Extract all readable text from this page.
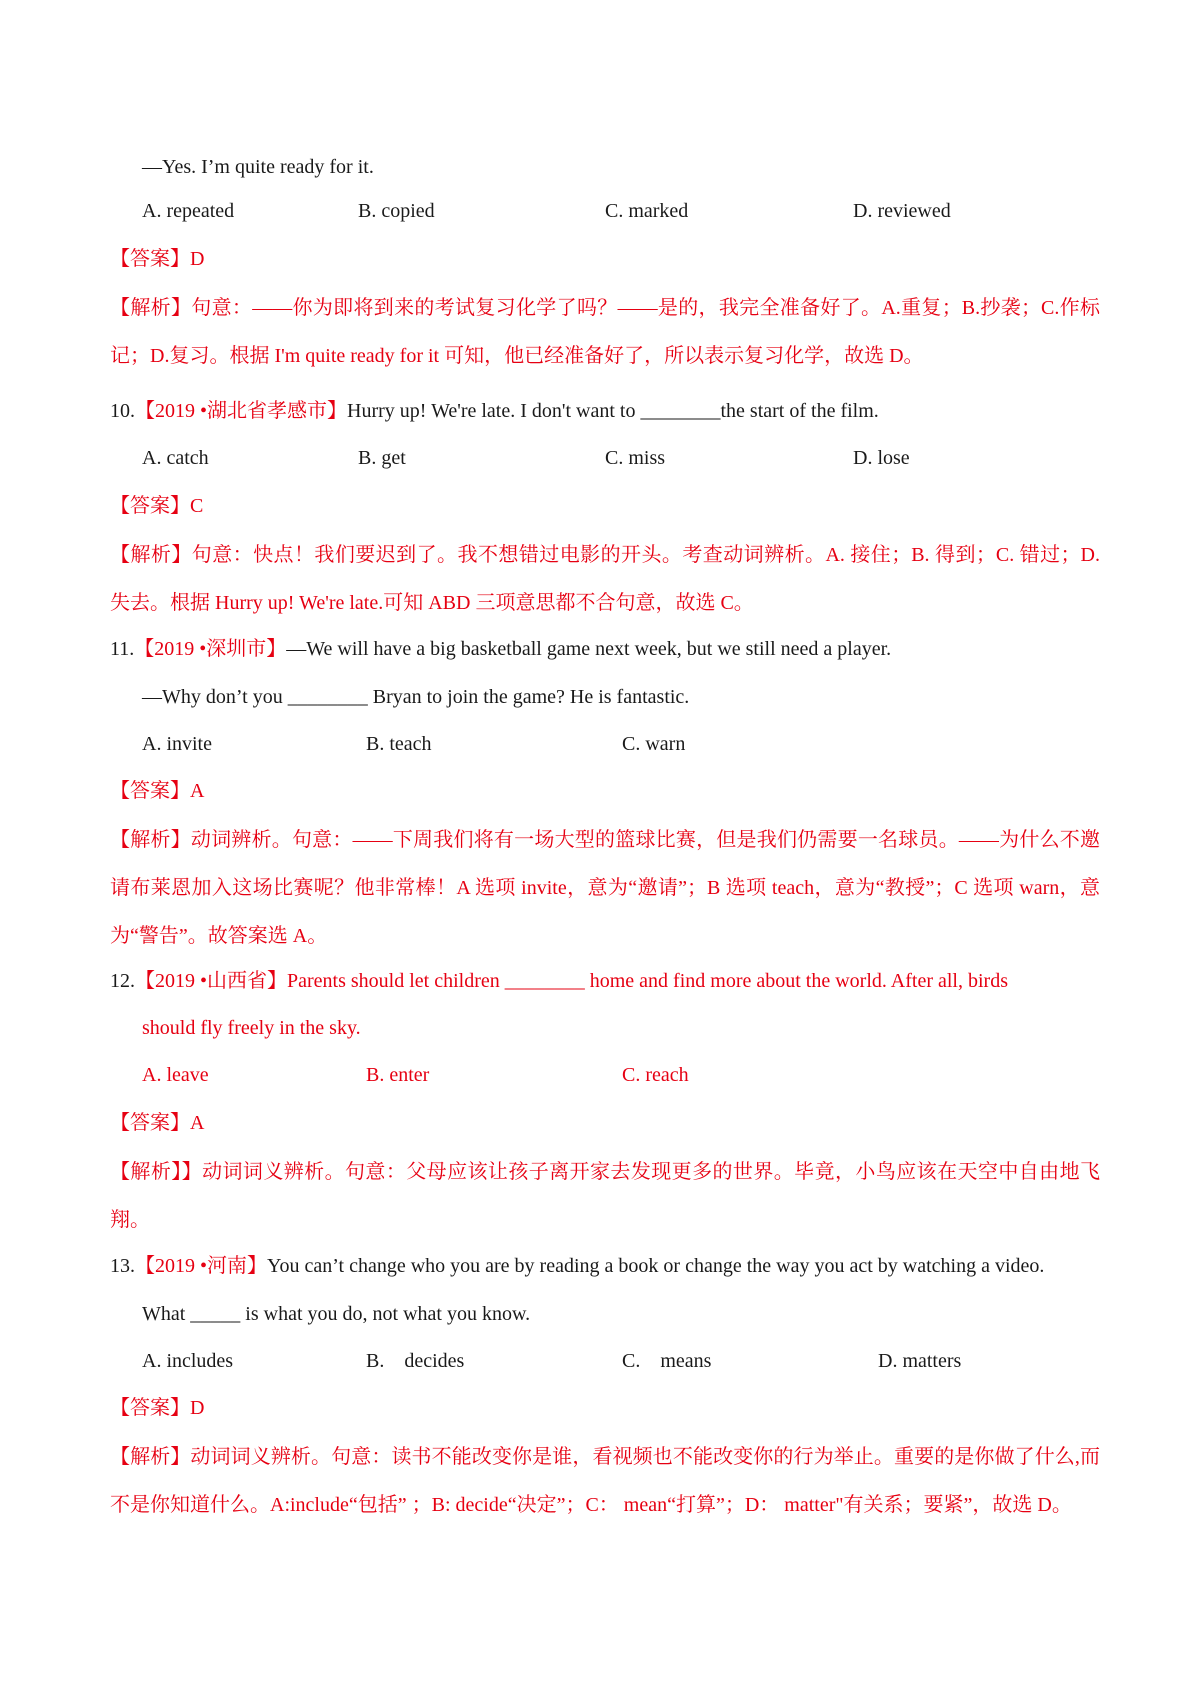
—Yes. I’m quite ready for it.
A. repeated	B. copied	C. marked	D. reviewed
【答案】D
【解析】句意：——你为即将到来的考试复习化学了吗？——是的，我完全准备好了。A.重复；B.抄袭；C.作标记；D.复习。根据 I'm quite ready for it 可知，他已经准备好了，所以表示复习化学，故选 D。
10.【2019 •湖北省孝感市】Hurry up! We're late. I don't want to ________the start of the film.
A. catch	B. get	C. miss	D. lose
【答案】C
【解析】句意：快点！我们要迟到了。我不想错过电影的开头。考查动词辨析。A. 接住；B. 得到；C. 错过；D. 失去。根据 Hurry up! We're late.可知 ABD 三项意思都不合句意，故选 C。
11.【2019 •深圳市】—We will have a big basketball game next week, but we still need a player.
—Why don’t you ________ Bryan to join the game? He is fantastic.
A. invite	B. teach	C. warn
【答案】A
【解析】动词辨析。句意：——下周我们将有一场大型的篮球比赛，但是我们仍需要一名球员。——为什么不邀请布莱恩加入这场比赛呢？他非常棒！A 选项 invite，意为“邀请”；B 选项 teach，意为“教授”；C 选项 warn，意为“警告”。故答案选 A。
12.【2019 •山西省】Parents should let children ________ home and find more about the world. After all, birds
should fly freely in the sky.
A. leave	B. enter	C. reach
【答案】A
【解析】】动词词义辨析。句意：父母应该让孩子离开家去发现更多的世界。毕竟，小鸟应该在天空中自由地飞翔。
13.【2019 •河南】You can’t change who you are by reading a book or change the way you act by watching a video.
What _____ is what you do, not what you know.
A. includes	B.    decides	C.    means	D. matters
【答案】D
【解析】动词词义辨析。句意：读书不能改变你是谁，看视频也不能改变你的行为举止。重要的是你做了什么,而不是你知道什么。A:include“包括” ；B: decide“决定”；C： mean“打算”；D： matter"有关系；要紧”，故选 D。
